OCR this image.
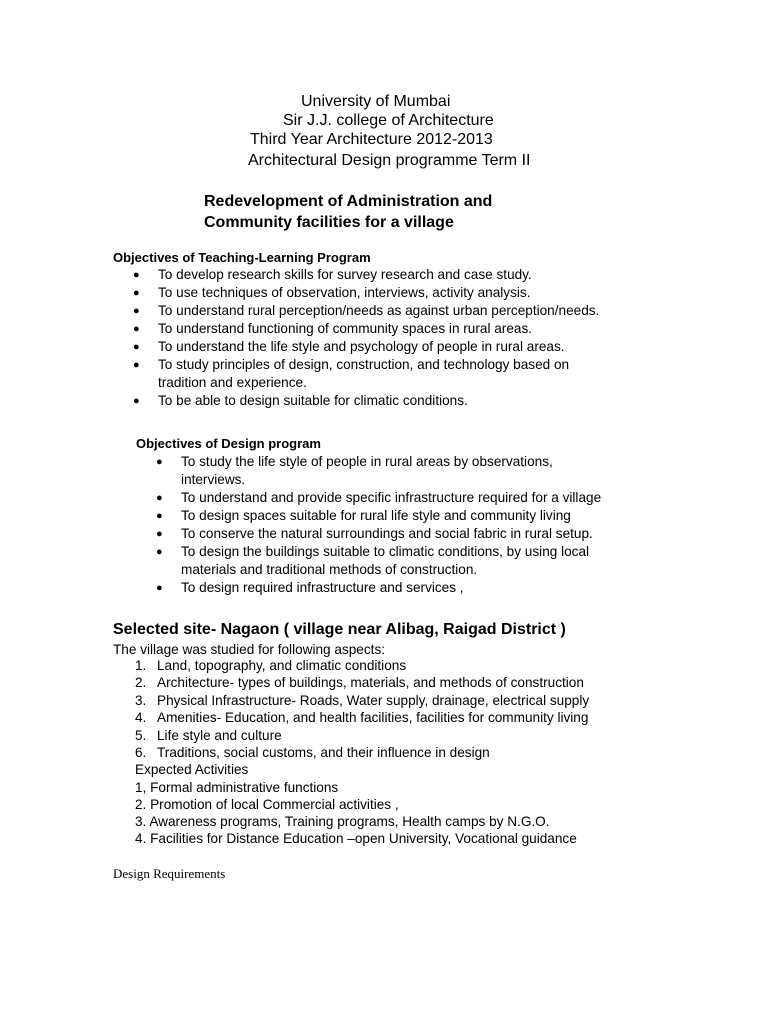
University of Mumbai
Sir J.J. college of Architecture
Third Year Architecture 2012-2013
Architectural Design programme Term II
Redevelopment of Administration and
Community facilities for a village
Objectives of Teaching-Learning Program
● To develop research skills for survey research and case study.
● To use techniques of observation, interviews, activity analysis.
● To understand rural perception/needs as against urban perception/needs.
● To understand functioning of community spaces in rural areas.
● To understand the life style and psychology of people in rural areas.
● To study principles of design, construction, and technology based on
tradition and experience.
● To be able to design suitable for climatic conditions.
Objectives of Design program
● To study the life style of people in rural areas by observations,
interviews.
● To understand and provide specific infrastructure required for a village
● To design spaces suitable for rural life style and community living
● To conserve the natural surroundings and social fabric in rural setup.
● To design the buildings suitable to climatic conditions, by using local
materials and traditional methods of construction.
● To design required infrastructure and services ,
Selected site- Nagaon ( village near Alibag, Raigad District )
The village was studied for following aspects:
1. Land, topography, and climatic conditions
2. Architecture- types of buildings, materials, and methods of construction
3. Physical Infrastructure- Roads, Water supply, drainage, electrical supply
4. Amenities- Education, and health facilities, facilities for community living
5. Life style and culture
6. Traditions, social customs, and their influence in design
Expected Activities
1, Formal administrative functions
2. Promotion of local Commercial activities ,
3. Awareness programs, Training programs, Health camps by N.G.O.
4. Facilities for Distance Education –open University, Vocational guidance
Design Requirements
